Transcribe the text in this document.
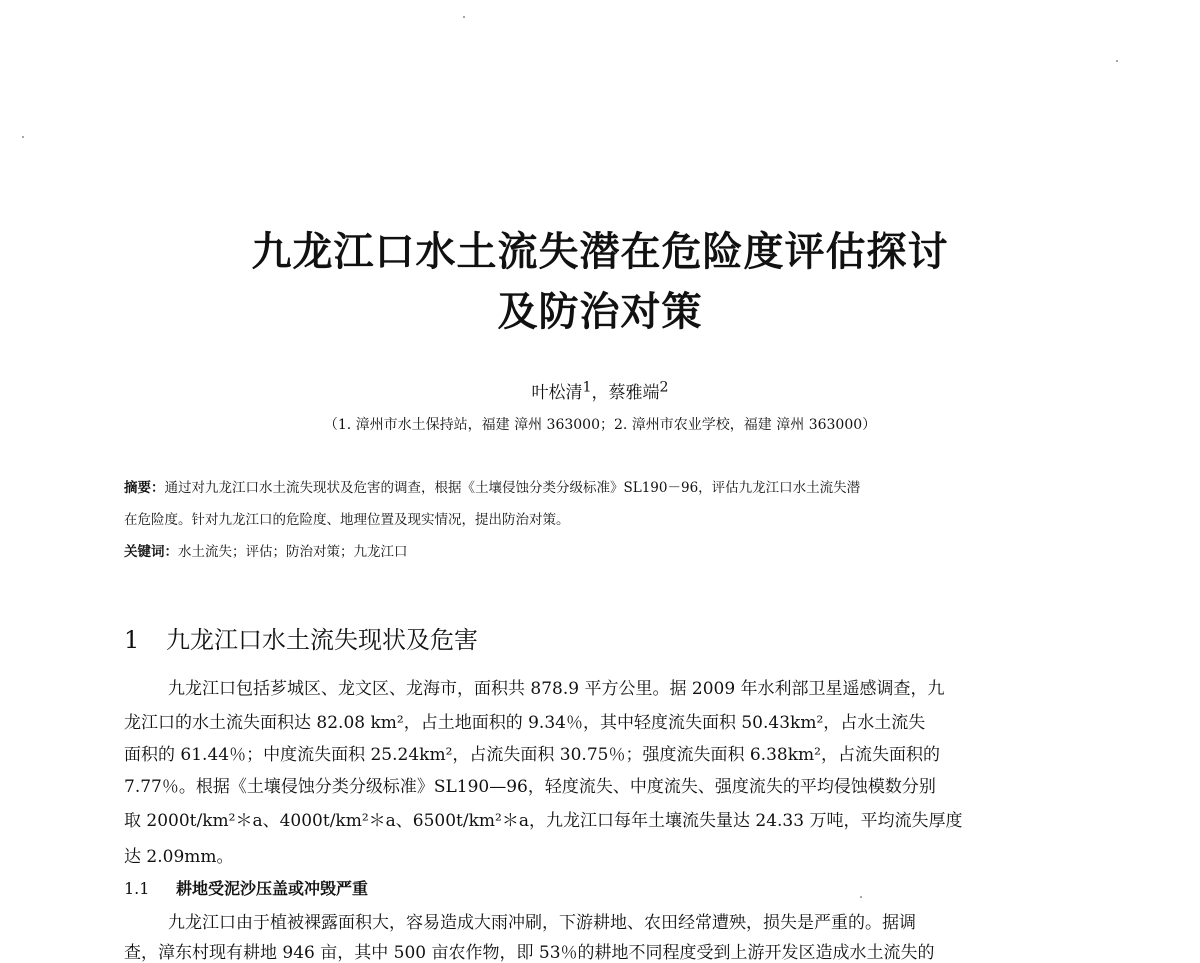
九龙江口水土流失潜在危险度评估探讨
及防治对策
叶松清$^1$，蔡雅端$^2$
（1. 漳州市水土保持站，福建 漳州 363000；2. 漳州市农业学校，福建 漳州 363000）
摘要：通过对九龙江口水土流失现状及危害的调查，根据《土壤侵蚀分类分级标准》SL190－96，评估九龙江口水土流失潜
在危险度。针对九龙江口的危险度、地理位置及现实情况，提出防治对策。
关键词：水土流失；评估；防治对策；九龙江口
1 九龙江口水土流失现状及危害
九龙江口包括芗城区、龙文区、龙海市，面积共 878.9 平方公里。据 2009 年水利部卫星遥感调查，九
龙江口的水土流失面积达 82.08 km²，占土地面积的 9.34％，其中轻度流失面积 50.43km²，占水土流失
面积的 61.44％；中度流失面积 25.24km²，占流失面积 30.75％；强度流失面积 6.38km²，占流失面积的
7.77％。根据《土壤侵蚀分类分级标准》SL190—96，轻度流失、中度流失、强度流失的平均侵蚀模数分别
取 2000t/km²＊a、4000t/km²＊a、6500t/km²＊a，九龙江口每年土壤流失量达 24.33 万吨，平均流失厚度
达 2.09mm。
1.1 耕地受泥沙压盖或冲毁严重
九龙江口由于植被裸露面积大，容易造成大雨冲刷，下游耕地、农田经常遭殃，损失是严重的。据调
查，漳东村现有耕地 946 亩，其中 500 亩农作物，即 53％的耕地不同程度受到上游开发区造成水土流失的
